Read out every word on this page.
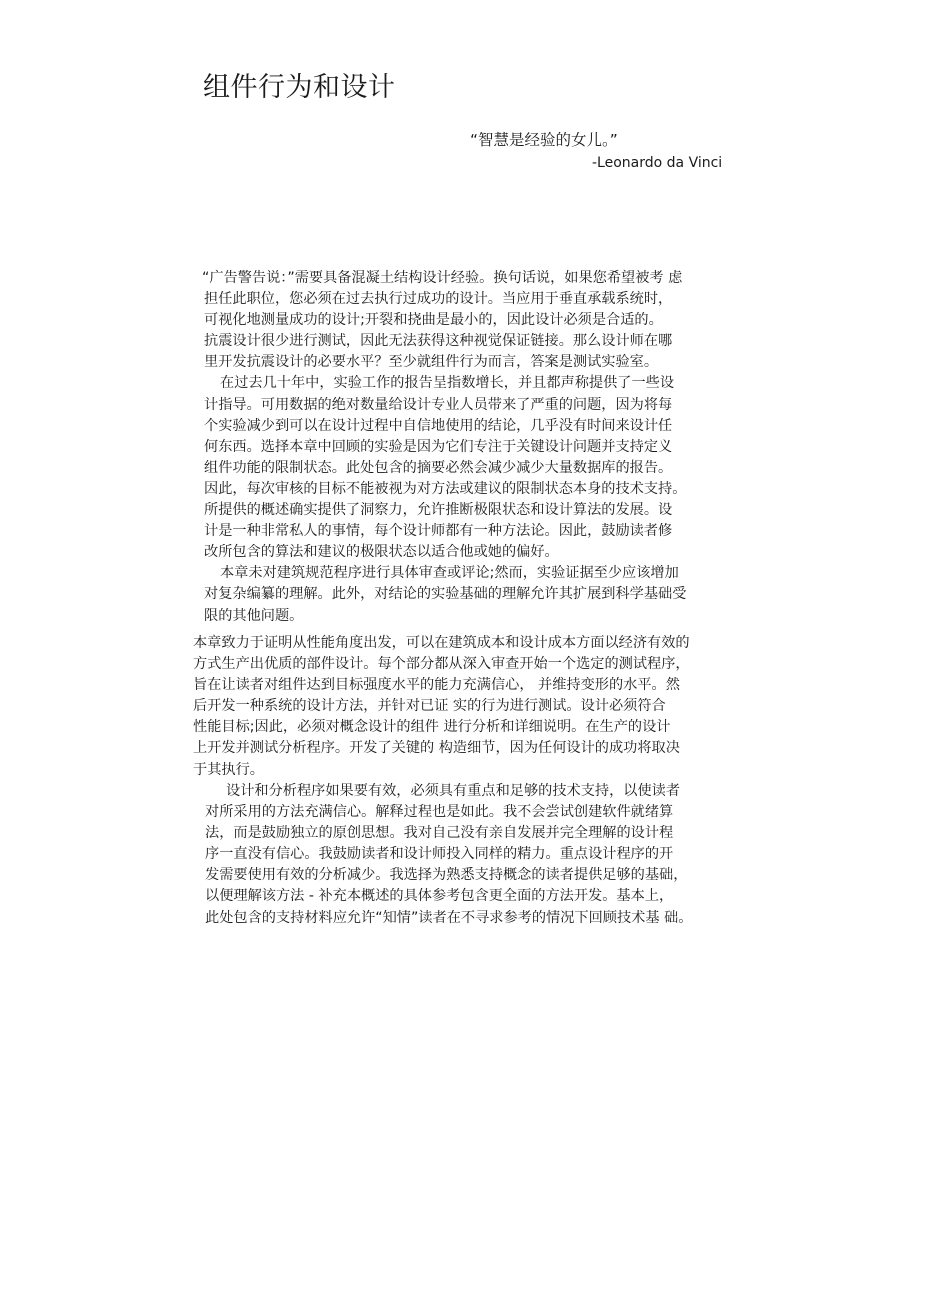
组件行为和设计
“智慧是经验的女儿。”
-Leonardo da Vinci
“广告警告说：”需要具备混凝土结构设计经验。换句话说，如果您希望被考 虑
担任此职位，您必须在过去执行过成功的设计。当应用于垂直承载系统时，
可视化地测量成功的设计;开裂和挠曲是最小的，因此设计必须是合适的。
抗震设计很少进行测试，因此无法获得这种视觉保证链接。那么设计师在哪
里开发抗震设计的必要水平？至少就组件行为而言，答案是测试实验室。
在过去几十年中，实验工作的报告呈指数增长，并且都声称提供了一些设
计指导。可用数据的绝对数量给设计专业人员带来了严重的问题，因为将每
个实验减少到可以在设计过程中自信地使用的结论，几乎没有时间来设计任
何东西。选择本章中回顾的实验是因为它们专注于关键设计问题并支持定义
组件功能的限制状态。此处包含的摘要必然会减少减少大量数据库的报告。
因此，每次审核的目标不能被视为对方法或建议的限制状态本身的技术支持。
所提供的概述确实提供了洞察力，允许推断极限状态和设计算法的发展。设
计是一种非常私人的事情，每个设计师都有一种方法论。因此，鼓励读者修
改所包含的算法和建议的极限状态以适合他或她的偏好。
本章未对建筑规范程序进行具体审查或评论;然而，实验证据至少应该增加
对复杂编纂的理解。此外，对结论的实验基础的理解允许其扩展到科学基础受
限的其他问题。
本章致力于证明从性能角度出发，可以在建筑成本和设计成本方面以经济有效的
方式生产出优质的部件设计。每个部分都从深入审查开始一个选定的测试程序，
旨在让读者对组件达到目标强度水平的能力充满信心， 并维持变形的水平。然
后开发一种系统的设计方法，并针对已证 实的行为进行测试。设计必须符合
性能目标;因此，必须对概念设计的组件 进行分析和详细说明。在生产的设计
上开发并测试分析程序。开发了关键的 构造细节，因为任何设计的成功将取决
于其执行。
设计和分析程序如果要有效，必须具有重点和足够的技术支持，以使读者
对所采用的方法充满信心。解释过程也是如此。我不会尝试创建软件就绪算
法，而是鼓励独立的原创思想。我对自己没有亲自发展并完全理解的设计程
序一直没有信心。我鼓励读者和设计师投入同样的精力。重点设计程序的开
发需要使用有效的分析减少。我选择为熟悉支持概念的读者提供足够的基础，
以便理解该方法 - 补充本概述的具体参考包含更全面的方法开发。基本上，
此处包含的支持材料应允许“知情”读者在不寻求参考的情况下回顾技术基 础。
